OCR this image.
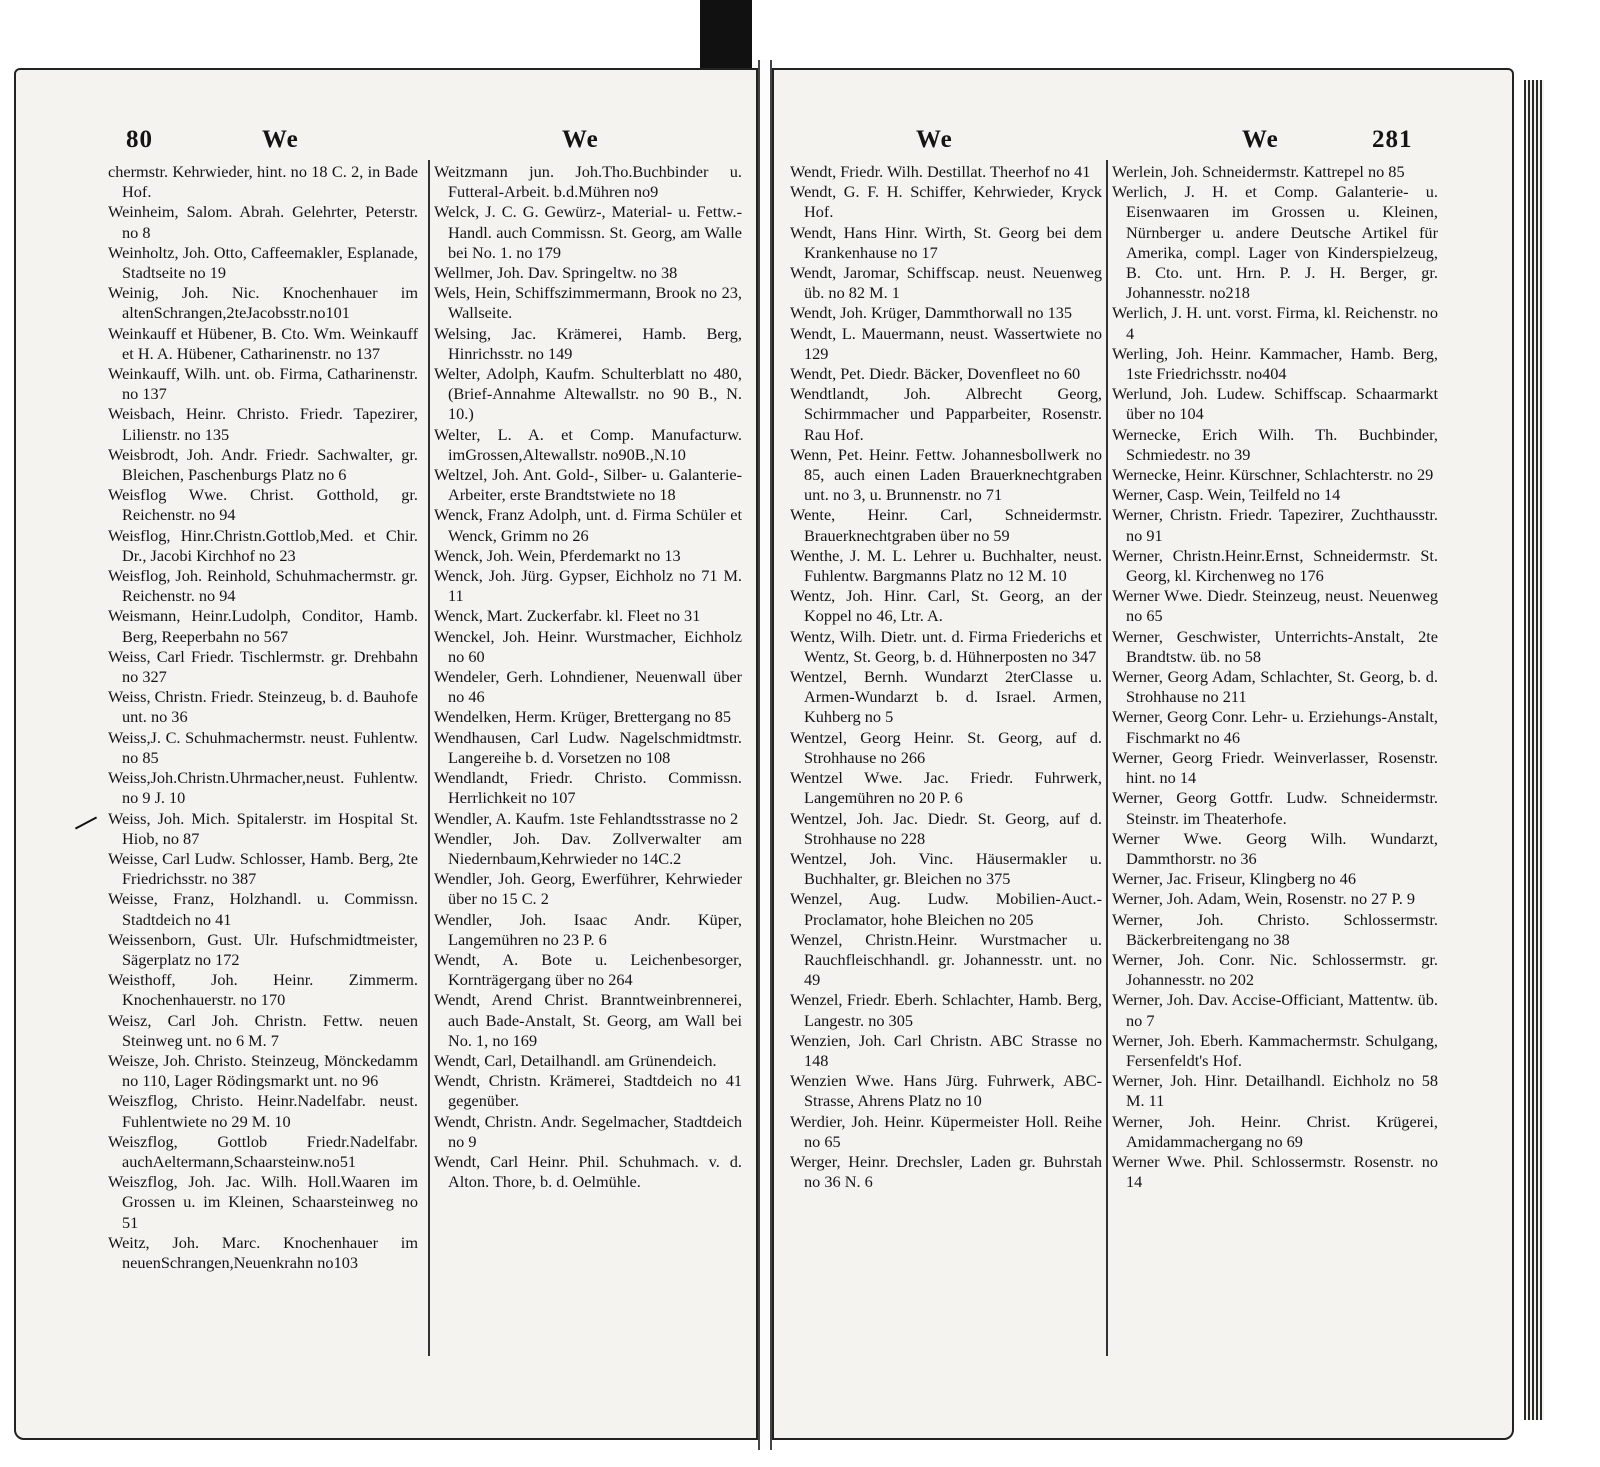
80	We	We	We	We	281
chermstr. Kehrwieder, hint. no 18 C. 2, in Bade Hof.
Weinheim, Salom. Abrah. Gelehrter, Peterstr. no 8
Weinholtz, Joh. Otto, Caffeemakler, Esplanade, Stadtseite no 19
Weinig, Joh. Nic. Knochenhauer im altenSchrangen,2teJacobsstr.no101
Weinkauff et Hübener, B. Cto. Wm. Weinkauff et H. A. Hübener, Catharinenstr. no 137
Weinkauff, Wilh. unt. ob. Firma, Catharinenstr. no 137
Weisbach, Heinr. Christo. Friedr. Tapezirer, Lilienstr. no 135
Weisbrodt, Joh. Andr. Friedr. Sachwalter, gr. Bleichen, Paschenburgs Platz no 6
Weisflog Wwe. Christ. Gotthold, gr. Reichenstr. no 94
Weisflog, Hinr.Christn.Gottlob,Med. et Chir. Dr., Jacobi Kirchhof no 23
Weisflog, Joh. Reinhold, Schuhmachermstr. gr. Reichenstr. no 94
Weismann, Heinr.Ludolph, Conditor, Hamb. Berg, Reeperbahn no 567
Weiss, Carl Friedr. Tischlermstr. gr. Drehbahn no 327
Weiss, Christn. Friedr. Steinzeug, b. d. Bauhofe unt. no 36
Weiss,J. C. Schuhmachermstr. neust. Fuhlentw. no 85
Weiss,Joh.Christn.Uhrmacher,neust. Fuhlentw. no 9 J. 10
Weiss, Joh. Mich. Spitalerstr. im Hospital St. Hiob, no 87
Weisse, Carl Ludw. Schlosser, Hamb. Berg, 2te Friedrichsstr. no 387
Weisse, Franz, Holzhandl. u. Commissn. Stadtdeich no 41
Weissenborn, Gust. Ulr. Hufschmidtmeister, Sägerplatz no 172
Weisthoff, Joh. Heinr. Zimmerm. Knochenhauerstr. no 170
Weisz, Carl Joh. Christn. Fettw. neuen Steinweg unt. no 6 M. 7
Weisze, Joh. Christo. Steinzeug, Mönckedamm no 110, Lager Rödingsmarkt unt. no 96
Weiszflog, Christo. Heinr.Nadelfabr. neust. Fuhlentwiete no 29 M. 10
Weiszflog, Gottlob Friedr.Nadelfabr. auchAeltermann,Schaarsteinw.no51
Weiszflog, Joh. Jac. Wilh. Holl.Waaren im Grossen u. im Kleinen, Schaarsteinweg no 51
Weitz, Joh. Marc. Knochenhauer im neuenSchrangen,Neuenkrahn no103
Weitzmann jun. Joh.Tho.Buchbinder u. Futteral-Arbeit. b.d.Mühren no9
Welck, J. C. G. Gewürz-, Material- u. Fettw.-Handl. auch Commissn. St. Georg, am Walle bei No. 1. no 179
Wellmer, Joh. Dav. Springeltw. no 38
Wels, Hein, Schiffszimmermann, Brook no 23, Wallseite.
Welsing, Jac. Krämerei, Hamb. Berg, Hinrichsstr. no 149
Welter, Adolph, Kaufm. Schulterblatt no 480, (Brief-Annahme Altewallstr. no 90 B., N. 10.)
Welter, L. A. et Comp. Manufacturw. imGrossen,Altewallstr. no90B.,N.10
Weltzel, Joh. Ant. Gold-, Silber- u. Galanterie-Arbeiter, erste Brandtstwiete no 18
Wenck, Franz Adolph, unt. d. Firma Schüler et Wenck, Grimm no 26
Wenck, Joh. Wein, Pferdemarkt no 13
Wenck, Joh. Jürg. Gypser, Eichholz no 71 M. 11
Wenck, Mart. Zuckerfabr. kl. Fleet no 31
Wenckel, Joh. Heinr. Wurstmacher, Eichholz no 60
Wendeler, Gerh. Lohndiener, Neuenwall über no 46
Wendelken, Herm. Krüger, Brettergang no 85
Wendhausen, Carl Ludw. Nagelschmidtmstr. Langereihe b. d. Vorsetzen no 108
Wendlandt, Friedr. Christo. Commissn. Herrlichkeit no 107
Wendler, A. Kaufm. 1ste Fehlandtsstrasse no 2
Wendler, Joh. Dav. Zollverwalter am Niedernbaum,Kehrwieder no 14C.2
Wendler, Joh. Georg, Ewerführer, Kehrwieder über no 15 C. 2
Wendler, Joh. Isaac Andr. Küper, Langemühren no 23 P. 6
Wendt, A. Bote u. Leichenbesorger, Kornträgergang über no 264
Wendt, Arend Christ. Branntweinbrennerei, auch Bade-Anstalt, St. Georg, am Wall bei No. 1, no 169
Wendt, Carl, Detailhandl. am Grünendeich.
Wendt, Christn. Krämerei, Stadtdeich no 41 gegenüber.
Wendt, Christn. Andr. Segelmacher, Stadtdeich no 9
Wendt, Carl Heinr. Phil. Schuhmach. v. d. Alton. Thore, b. d. Oelmühle.
Wendt, Friedr. Wilh. Destillat. Theerhof no 41
Wendt, G. F. H. Schiffer, Kehrwieder, Kryck Hof.
Wendt, Hans Hinr. Wirth, St. Georg bei dem Krankenhause no 17
Wendt, Jaromar, Schiffscap. neust. Neuenweg üb. no 82 M. 1
Wendt, Joh. Krüger, Dammthorwall no 135
Wendt, L. Mauermann, neust. Wassertwiete no 129
Wendt, Pet. Diedr. Bäcker, Dovenfleet no 60
Wendtlandt, Joh. Albrecht Georg, Schirmmacher und Papparbeiter, Rosenstr. Rau Hof.
Wenn, Pet. Heinr. Fettw. Johannesbollwerk no 85, auch einen Laden Brauerknechtgraben unt. no 3, u. Brunnenstr. no 71
Wente, Heinr. Carl, Schneidermstr. Brauerknechtgraben über no 59
Wenthe, J. M. L. Lehrer u. Buchhalter, neust. Fuhlentw. Bargmanns Platz no 12 M. 10
Wentz, Joh. Hinr. Carl, St. Georg, an der Koppel no 46, Ltr. A.
Wentz, Wilh. Dietr. unt. d. Firma Friederichs et Wentz, St. Georg, b. d. Hühnerposten no 347
Wentzel, Bernh. Wundarzt 2terClasse u. Armen-Wundarzt b. d. Israel. Armen, Kuhberg no 5
Wentzel, Georg Heinr. St. Georg, auf d. Strohhause no 266
Wentzel Wwe. Jac. Friedr. Fuhrwerk, Langemühren no 20 P. 6
Wentzel, Joh. Jac. Diedr. St. Georg, auf d. Strohhause no 228
Wentzel, Joh. Vinc. Häusermakler u. Buchhalter, gr. Bleichen no 375
Wenzel, Aug. Ludw. Mobilien-Auct.-Proclamator, hohe Bleichen no 205
Wenzel, Christn.Heinr. Wurstmacher u. Rauchfleischhandl. gr. Johannesstr. unt. no 49
Wenzel, Friedr. Eberh. Schlachter, Hamb. Berg, Langestr. no 305
Wenzien, Joh. Carl Christn. ABC Strasse no 148
Wenzien Wwe. Hans Jürg. Fuhrwerk, ABC-Strasse, Ahrens Platz no 10
Werdier, Joh. Heinr. Küpermeister Holl. Reihe no 65
Werger, Heinr. Drechsler, Laden gr. Buhrstah no 36 N. 6
Werlein, Joh. Schneidermstr. Kattrepel no 85
Werlich, J. H. et Comp. Galanterie- u. Eisenwaaren im Grossen u. Kleinen, Nürnberger u. andere Deutsche Artikel für Amerika, compl. Lager von Kinderspielzeug, B. Cto. unt. Hrn. P. J. H. Berger, gr. Johannesstr. no218
Werlich, J. H. unt. vorst. Firma, kl. Reichenstr. no 4
Werling, Joh. Heinr. Kammacher, Hamb. Berg, 1ste Friedrichsstr. no404
Werlund, Joh. Ludew. Schiffscap. Schaarmarkt über no 104
Wernecke, Erich Wilh. Th. Buchbinder, Schmiedestr. no 39
Wernecke, Heinr. Kürschner, Schlachterstr. no 29
Werner, Casp. Wein, Teilfeld no 14
Werner, Christn. Friedr. Tapezirer, Zuchthausstr. no 91
Werner, Christn.Heinr.Ernst, Schneidermstr. St. Georg, kl. Kirchenweg no 176
Werner Wwe. Diedr. Steinzeug, neust. Neuenweg no 65
Werner, Geschwister, Unterrichts-Anstalt, 2te Brandtstw. üb. no 58
Werner, Georg Adam, Schlachter, St. Georg, b. d. Strohhause no 211
Werner, Georg Conr. Lehr- u. Erziehungs-Anstalt, Fischmarkt no 46
Werner, Georg Friedr. Weinverlasser, Rosenstr. hint. no 14
Werner, Georg Gottfr. Ludw. Schneidermstr. Steinstr. im Theaterhofe.
Werner Wwe. Georg Wilh. Wundarzt, Dammthorstr. no 36
Werner, Jac. Friseur, Klingberg no 46
Werner, Joh. Adam, Wein, Rosenstr. no 27 P. 9
Werner, Joh. Christo. Schlossermstr. Bäckerbreitengang no 38
Werner, Joh. Conr. Nic. Schlossermstr. gr. Johannesstr. no 202
Werner, Joh. Dav. Accise-Officiant, Mattentw. üb. no 7
Werner, Joh. Eberh. Kammachermstr. Schulgang, Fersenfeldt's Hof.
Werner, Joh. Hinr. Detailhandl. Eichholz no 58 M. 11
Werner, Joh. Heinr. Christ. Krügerei, Amidammachergang no 69
Werner Wwe. Phil. Schlossermstr. Rosenstr. no 14
